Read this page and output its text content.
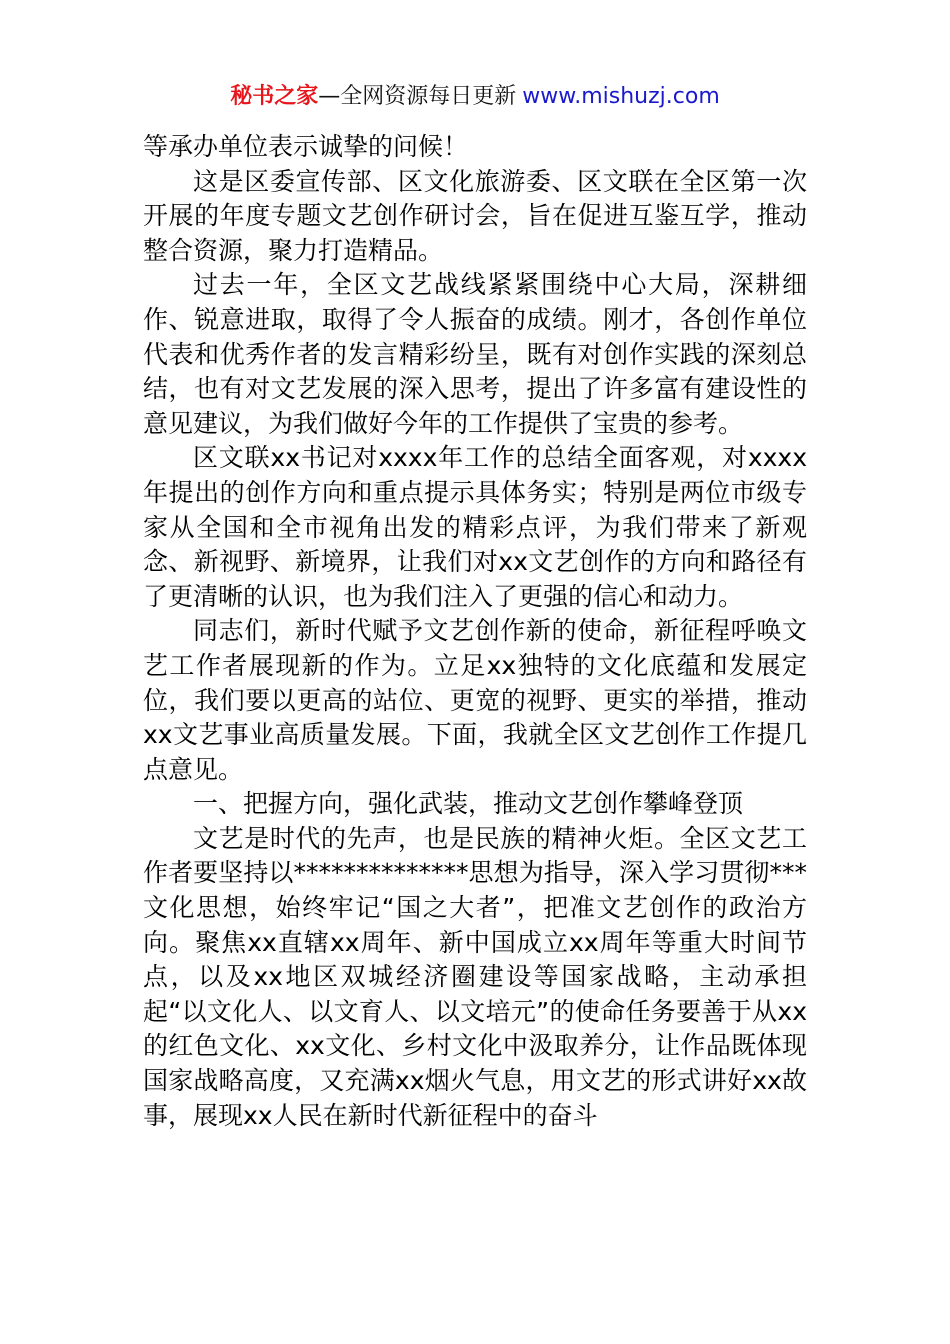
秘书之家—全网资源每日更新 www.mishuzj.com

等承办单位表示诚挚的问候！

这是区委宣传部、区文化旅游委、区文联在全区第一次开展的年度专题文艺创作研讨会，旨在促进互鉴互学，推动整合资源，聚力打造精品。

过去一年，全区文艺战线紧紧围绕中心大局，深耕细作、锐意进取，取得了令人振奋的成绩。刚才，各创作单位代表和优秀作者的发言精彩纷呈，既有对创作实践的深刻总结，也有对文艺发展的深入思考，提出了许多富有建设性的意见建议，为我们做好今年的工作提供了宝贵的参考。

区文联xx书记对xxxx年工作的总结全面客观，对xxxx年提出的创作方向和重点提示具体务实；特别是两位市级专家从全国和全市视角出发的精彩点评，为我们带来了新观念、新视野、新境界，让我们对xx文艺创作的方向和路径有了更清晰的认识，也为我们注入了更强的信心和动力。

同志们，新时代赋予文艺创作新的使命，新征程呼唤文艺工作者展现新的作为。立足xx独特的文化底蕴和发展定位，我们要以更高的站位、更宽的视野、更实的举措，推动xx文艺事业高质量发展。下面，我就全区文艺创作工作提几点意见。

一、把握方向，强化武装，推动文艺创作攀峰登顶

文艺是时代的先声，也是民族的精神火炬。全区文艺工作者要坚持以**************思想为指导，深入学习贯彻***文化思想，始终牢记“国之大者”，把准文艺创作的政治方向。聚焦xx直辖xx周年、新中国成立xx周年等重大时间节点，以及xx地区双城经济圈建设等国家战略，主动承担起“以文化人、以文育人、以文培元”的使命任务要善于从xx的红色文化、xx文化、乡村文化中汲取养分，让作品既体现国家战略高度，又充满xx烟火气息，用文艺的形式讲好xx故事，展现xx人民在新时代新征程中的奋斗
